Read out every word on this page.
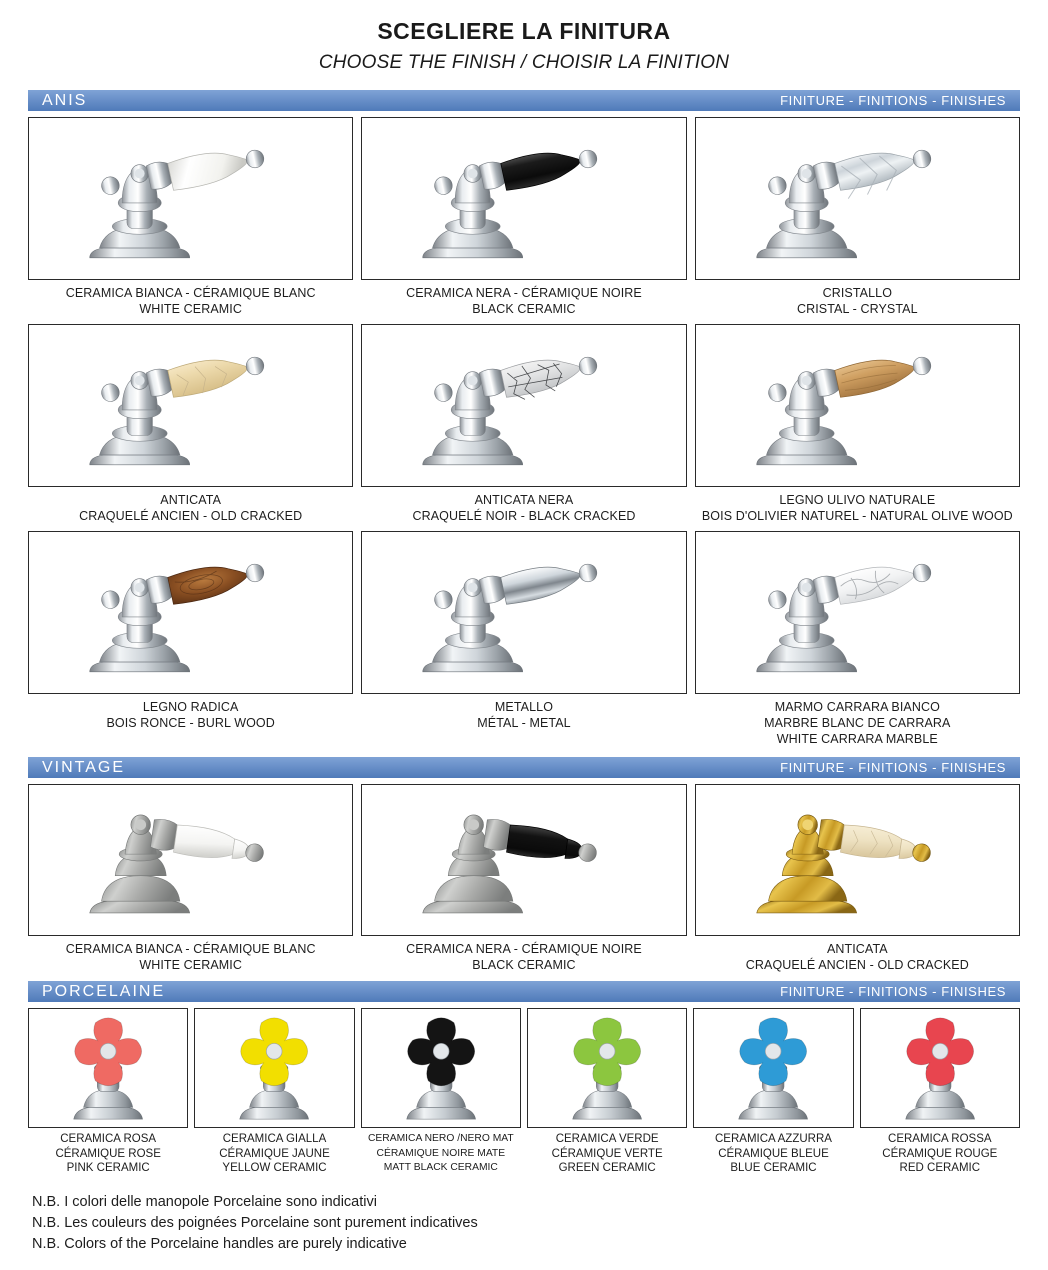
SCEGLIERE LA FINITURA
CHOOSE THE FINISH / CHOISIR LA FINITION
ANIS	FINITURE - FINITIONS - FINISHES
CERAMICA BIANCA - CÉRAMIQUE BLANC
WHITE CERAMIC
CERAMICA NERA - CÉRAMIQUE NOIRE
BLACK CERAMIC
CRISTALLO
CRISTAL - CRYSTAL
ANTICATA
CRAQUELÉ ANCIEN - OLD CRACKED
ANTICATA NERA
CRAQUELÉ NOIR - BLACK CRACKED
LEGNO ULIVO NATURALE
BOIS D'OLIVIER NATUREL - NATURAL OLIVE WOOD
LEGNO RADICA
BOIS RONCE - BURL WOOD
METALLO
MÉTAL - METAL
MARMO CARRARA BIANCO
MARBRE BLANC DE CARRARA
WHITE CARRARA MARBLE
VINTAGE	FINITURE - FINITIONS - FINISHES
CERAMICA BIANCA - CÉRAMIQUE BLANC
WHITE CERAMIC
CERAMICA NERA - CÉRAMIQUE NOIRE
BLACK CERAMIC
ANTICATA
CRAQUELÉ ANCIEN - OLD CRACKED
PORCELAINE	FINITURE - FINITIONS - FINISHES
CERAMICA ROSA
CÉRAMIQUE ROSE
PINK CERAMIC
CERAMICA GIALLA
CÉRAMIQUE JAUNE
YELLOW CERAMIC
CERAMICA NERO /NERO MAT
CÉRAMIQUE NOIRE MATE
MATT BLACK CERAMIC
CERAMICA VERDE
CÉRAMIQUE VERTE
GREEN CERAMIC
CERAMICA AZZURRA
CÉRAMIQUE BLEUE
BLUE CERAMIC
CERAMICA ROSSA
CÉRAMIQUE ROUGE
RED CERAMIC
N.B. I colori delle manopole Porcelaine sono indicativi
N.B. Les couleurs des poignées Porcelaine sont purement indicatives
N.B. Colors of the Porcelaine handles are purely indicative
